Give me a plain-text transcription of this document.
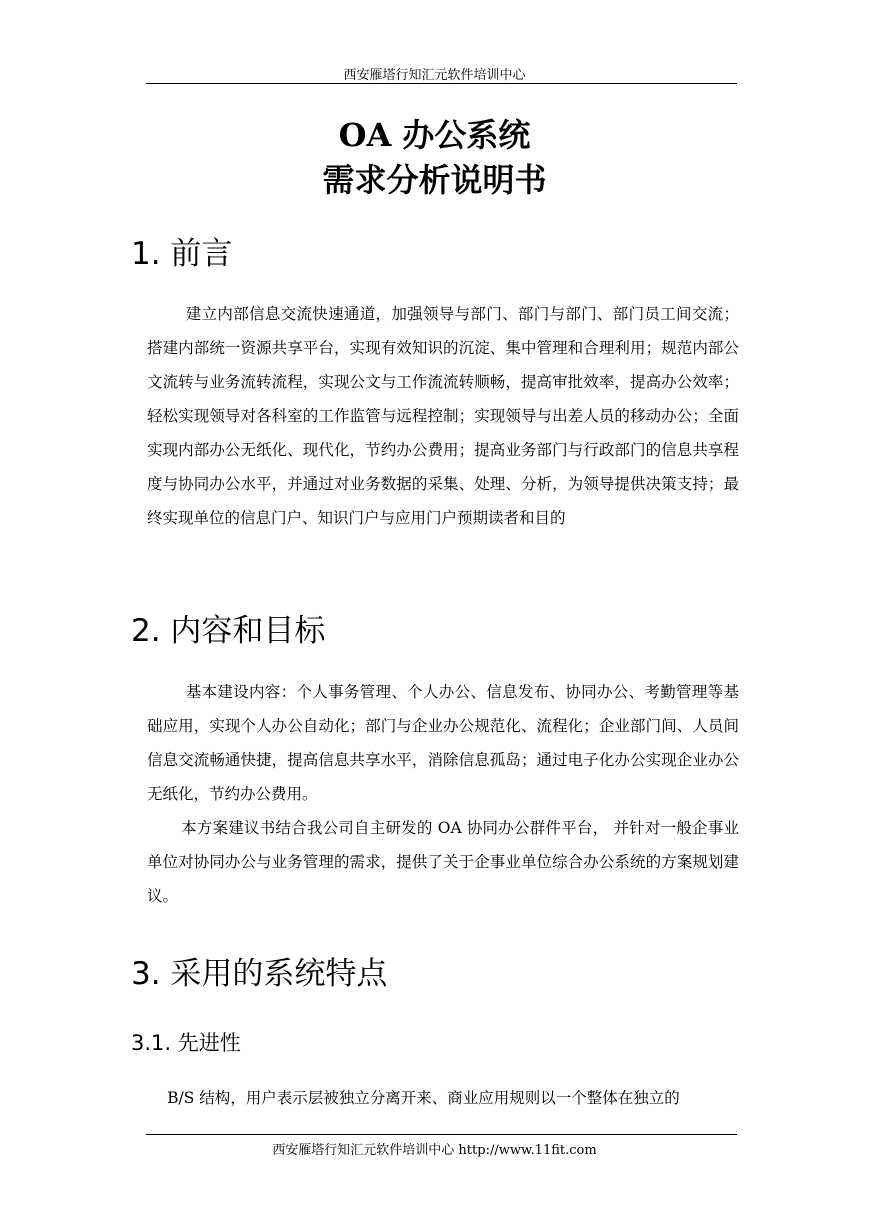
西安雁塔行知汇元软件培训中心
OA 办公系统
需求分析说明书
1. 前言

建立内部信息交流快速通道，加强领导与部门、部门与部门、部门员工间交流；搭建内部统一资源共享平台，实现有效知识的沉淀、集中管理和合理利用；规范内部公文流转与业务流转流程，实现公文与工作流流转顺畅，提高审批效率，提高办公效率；轻松实现领导对各科室的工作监管与远程控制；实现领导与出差人员的移动办公；全面实现内部办公无纸化、现代化，节约办公费用；提高业务部门与行政部门的信息共享程度与协同办公水平，并通过对业务数据的采集、处理、分析，为领导提供决策支持；最终实现单位的信息门户、知识门户与应用门户预期读者和目的

2. 内容和目标

基本建设内容：个人事务管理、个人办公、信息发布、协同办公、考勤管理等基础应用，实现个人办公自动化；部门与企业办公规范化、流程化；企业部门间、人员间信息交流畅通快捷，提高信息共享水平，消除信息孤岛；通过电子化办公实现企业办公无纸化，节约办公费用。

本方案建议书结合我公司自主研发的 OA 协同办公群件平台， 并针对一般企事业单位对协同办公与业务管理的需求，提供了关于企事业单位综合办公系统的方案规划建议。

3. 采用的系统特点
3.1. 先进性

B/S 结构，用户表示层被独立分离开来、商业应用规则以一个整体在独立的

西安雁塔行知汇元软件培训中心 http://www.11fit.com
